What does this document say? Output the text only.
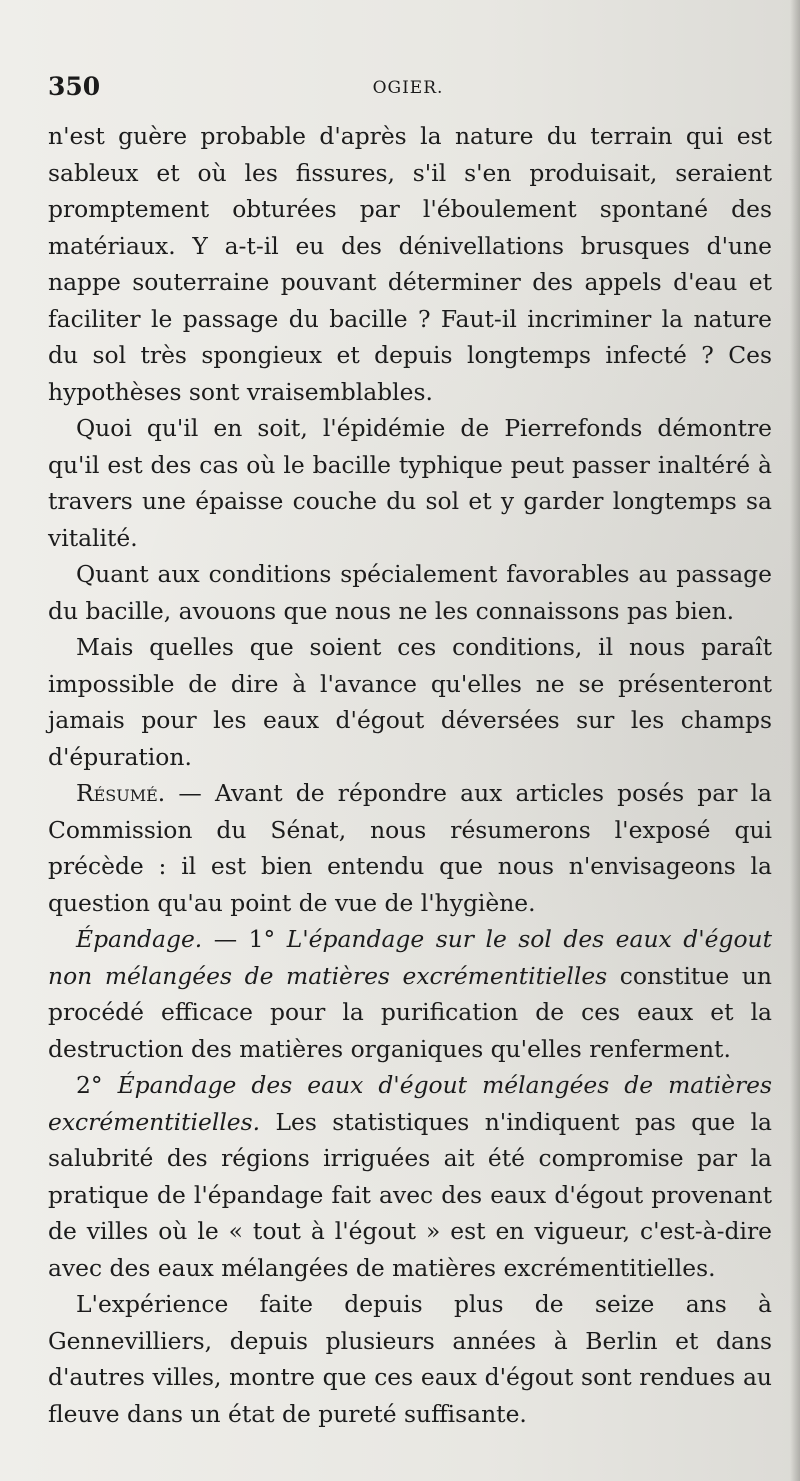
350	OGIER.

n'est guère probable d'après la nature du terrain qui est sableux et où les fissures, s'il s'en produisait, seraient promptement obturées par l'éboulement spontané des matériaux. Y a-t-il eu des dénivellations brusques d'une nappe souterraine pouvant déterminer des appels d'eau et faciliter le passage du bacille ? Faut-il incriminer la nature du sol très spongieux et depuis longtemps infecté ? Ces hypothèses sont vraisemblables.

Quoi qu'il en soit, l'épidémie de Pierrefonds démontre qu'il est des cas où le bacille typhique peut passer inaltéré à travers une épaisse couche du sol et y garder longtemps sa vitalité.

Quant aux conditions spécialement favorables au passage du bacille, avouons que nous ne les connaissons pas bien.

Mais quelles que soient ces conditions, il nous paraît impossible de dire à l'avance qu'elles ne se présenteront jamais pour les eaux d'égout déversées sur les champs d'épuration.

Résumé. — Avant de répondre aux articles posés par la Commission du Sénat, nous résumerons l'exposé qui précède : il est bien entendu que nous n'envisageons la question qu'au point de vue de l'hygiène.

Épandage. — 1° L'épandage sur le sol des eaux d'égout non mélangées de matières excrémentitielles constitue un procédé efficace pour la purification de ces eaux et la destruction des matières organiques qu'elles renferment.

2° Épandage des eaux d'égout mélangées de matières excrémentitielles. Les statistiques n'indiquent pas que la salubrité des régions irriguées ait été compromise par la pratique de l'épandage fait avec des eaux d'égout provenant de villes où le « tout à l'égout » est en vigueur, c'est-à-dire avec des eaux mélangées de matières excrémentitielles.

L'expérience faite depuis plus de seize ans à Gennevilliers, depuis plusieurs années à Berlin et dans d'autres villes, montre que ces eaux d'égout sont rendues au fleuve dans un état de pureté suffisante.
